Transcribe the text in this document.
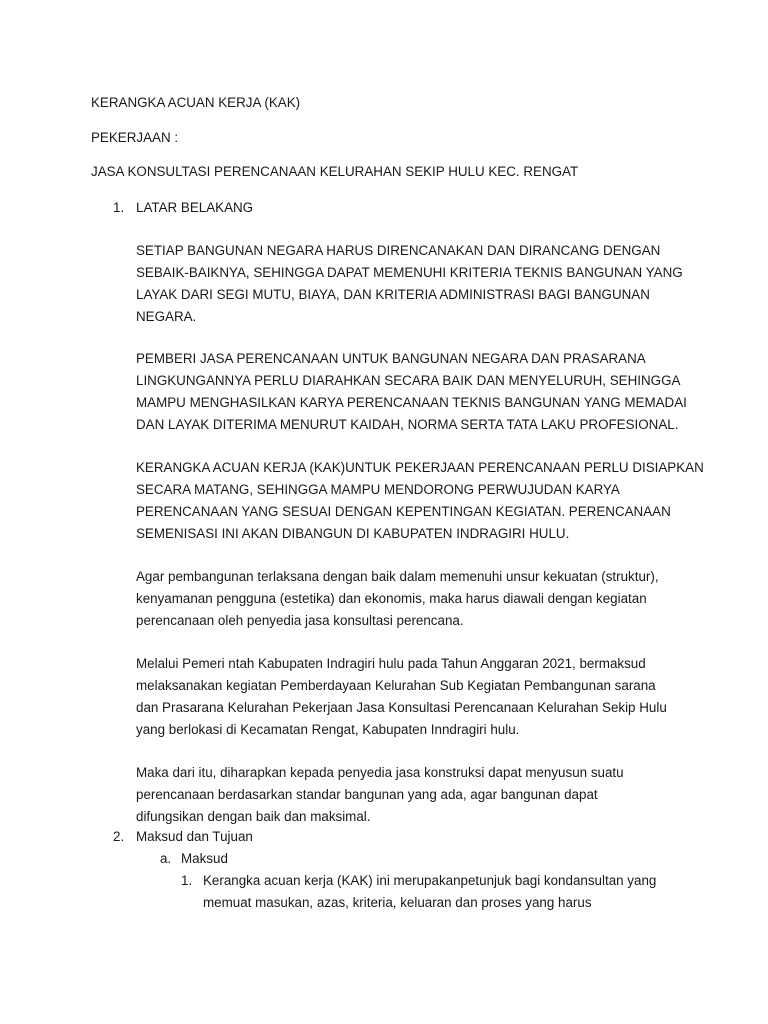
KERANGKA ACUAN KERJA (KAK)
PEKERJAAN :
JASA KONSULTASI PERENCANAAN KELURAHAN SEKIP HULU KEC. RENGAT
1. LATAR BELAKANG
SETIAP BANGUNAN NEGARA HARUS DIRENCANAKAN DAN DIRANCANG DENGAN
SEBAIK-BAIKNYA, SEHINGGA DAPAT MEMENUHI KRITERIA TEKNIS BANGUNAN YANG
LAYAK DARI SEGI MUTU, BIAYA, DAN KRITERIA ADMINISTRASI BAGI BANGUNAN
NEGARA.
PEMBERI JASA PERENCANAAN UNTUK BANGUNAN NEGARA DAN PRASARANA
LINGKUNGANNYA PERLU DIARAHKAN SECARA BAIK DAN MENYELURUH, SEHINGGA
MAMPU MENGHASILKAN KARYA PERENCANAAN TEKNIS BANGUNAN YANG MEMADAI
DAN LAYAK DITERIMA MENURUT KAIDAH, NORMA SERTA TATA LAKU PROFESIONAL.
KERANGKA ACUAN KERJA (KAK)UNTUK PEKERJAAN PERENCANAAN PERLU DISIAPKAN
SECARA MATANG, SEHINGGA MAMPU MENDORONG PERWUJUDAN KARYA
PERENCANAAN YANG SESUAI DENGAN KEPENTINGAN KEGIATAN. PERENCANAAN
SEMENISASI INI AKAN DIBANGUN DI KABUPATEN INDRAGIRI HULU.
Agar pembangunan terlaksana dengan baik dalam memenuhi unsur kekuatan (struktur),
kenyamanan pengguna (estetika) dan ekonomis, maka harus diawali dengan kegiatan
perencanaan oleh penyedia jasa konsultasi perencana.
Melalui Pemeri ntah Kabupaten Indragiri hulu pada Tahun Anggaran 2021, bermaksud
melaksanakan kegiatan Pemberdayaan Kelurahan Sub Kegiatan Pembangunan sarana
dan Prasarana Kelurahan Pekerjaan Jasa Konsultasi Perencanaan Kelurahan Sekip Hulu
yang berlokasi di Kecamatan Rengat, Kabupaten Inndragiri hulu.
Maka dari itu, diharapkan kepada penyedia jasa konstruksi dapat menyusun suatu
perencanaan berdasarkan standar bangunan yang ada, agar bangunan dapat
difungsikan dengan baik dan maksimal.
2. Maksud dan Tujuan
a. Maksud
1. Kerangka acuan kerja (KAK) ini merupakanpetunjuk bagi kondansultan yang
memuat masukan, azas, kriteria, keluaran dan proses yang harus
